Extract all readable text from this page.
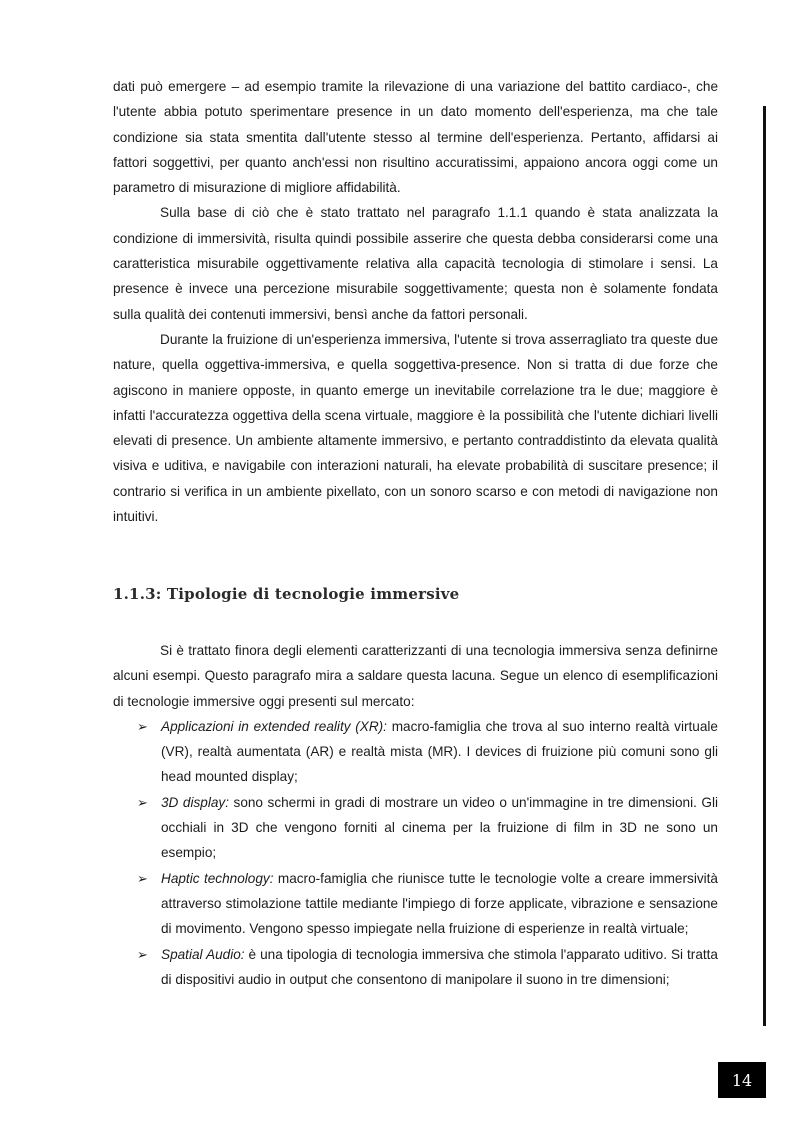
dati può emergere – ad esempio tramite la rilevazione di una variazione del battito cardiaco-, che l'utente abbia potuto sperimentare presence in un dato momento dell'esperienza, ma che tale condizione sia stata smentita dall'utente stesso al termine dell'esperienza. Pertanto, affidarsi ai fattori soggettivi, per quanto anch'essi non risultino accuratissimi, appaiono ancora oggi come un parametro di misurazione di migliore affidabilità.

Sulla base di ciò che è stato trattato nel paragrafo 1.1.1 quando è stata analizzata la condizione di immersività, risulta quindi possibile asserire che questa debba considerarsi come una caratteristica misurabile oggettivamente relativa alla capacità tecnologia di stimolare i sensi. La presence è invece una percezione misurabile soggettivamente; questa non è solamente fondata sulla qualità dei contenuti immersivi, bensì anche da fattori personali.

Durante la fruizione di un'esperienza immersiva, l'utente si trova asserragliato tra queste due nature, quella oggettiva-immersiva, e quella soggettiva-presence. Non si tratta di due forze che agiscono in maniere opposte, in quanto emerge un inevitabile correlazione tra le due; maggiore è infatti l'accuratezza oggettiva della scena virtuale, maggiore è la possibilità che l'utente dichiari livelli elevati di presence. Un ambiente altamente immersivo, e pertanto contraddistinto da elevata qualità visiva e uditiva, e navigabile con interazioni naturali, ha elevate probabilità di suscitare presence; il contrario si verifica in un ambiente pixellato, con un sonoro scarso e con metodi di navigazione non intuitivi.

1.1.3: Tipologie di tecnologie immersive

Si è trattato finora degli elementi caratterizzanti di una tecnologia immersiva senza definirne alcuni esempi. Questo paragrafo mira a saldare questa lacuna. Segue un elenco di esemplificazioni di tecnologie immersive oggi presenti sul mercato:

➢ Applicazioni in extended reality (XR): macro-famiglia che trova al suo interno realtà virtuale (VR), realtà aumentata (AR) e realtà mista (MR). I devices di fruizione più comuni sono gli head mounted display;
➢ 3D display: sono schermi in gradi di mostrare un video o un'immagine in tre dimensioni. Gli occhiali in 3D che vengono forniti al cinema per la fruizione di film in 3D ne sono un esempio;
➢ Haptic technology: macro-famiglia che riunisce tutte le tecnologie volte a creare immersività attraverso stimolazione tattile mediante l'impiego di forze applicate, vibrazione e sensazione di movimento. Vengono spesso impiegate nella fruizione di esperienze in realtà virtuale;
➢ Spatial Audio: è una tipologia di tecnologia immersiva che stimola l'apparato uditivo. Si tratta di dispositivi audio in output che consentono di manipolare il suono in tre dimensioni;
14
